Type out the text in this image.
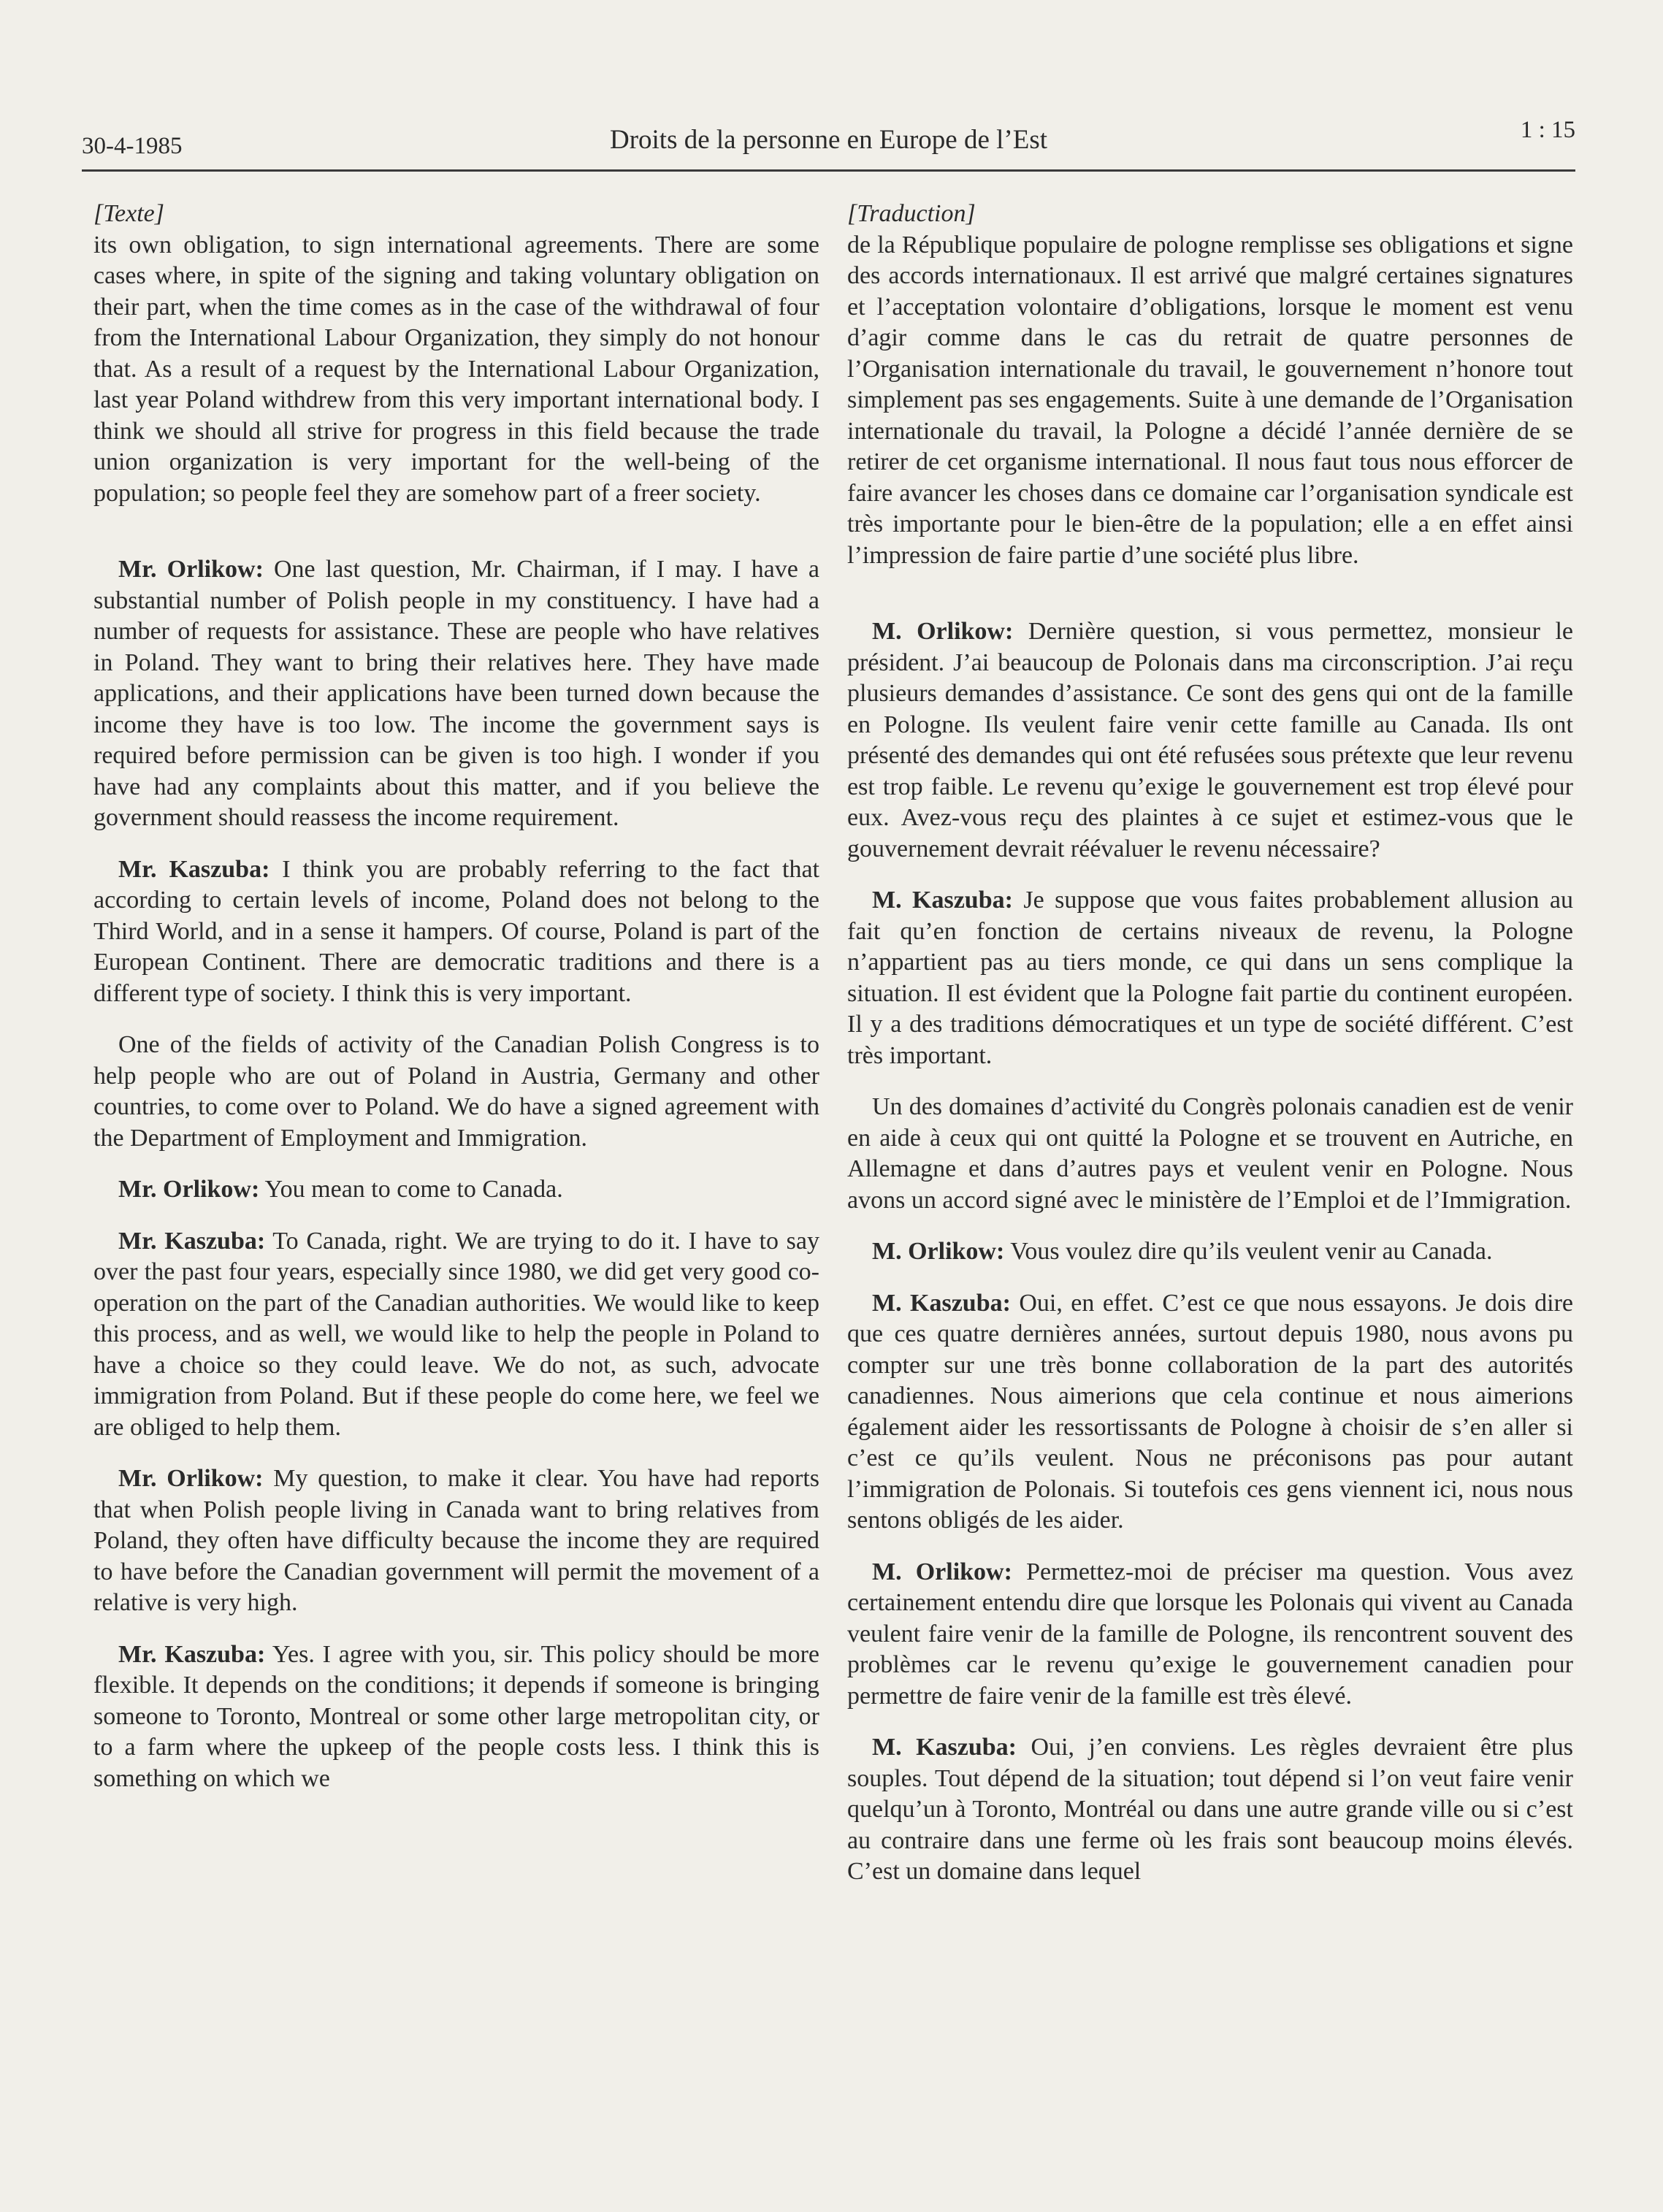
30-4-1985	Droits de la personne en Europe de l’Est	1 : 15

[Texte]

its own obligation, to sign international agreements. There are some cases where, in spite of the signing and taking voluntary obligation on their part, when the time comes as in the case of the withdrawal of four from the International Labour Organization, they simply do not honour that. As a result of a request by the International Labour Organization, last year Poland withdrew from this very important international body. I think we should all strive for progress in this field because the trade union organization is very important for the well-being of the population; so people feel they are somehow part of a freer society.

Mr. Orlikow: One last question, Mr. Chairman, if I may. I have a substantial number of Polish people in my constituency. I have had a number of requests for assistance. These are people who have relatives in Poland. They want to bring their relatives here. They have made applications, and their applications have been turned down because the income they have is too low. The income the government says is required before permission can be given is too high. I wonder if you have had any complaints about this matter, and if you believe the government should reassess the income requirement.

Mr. Kaszuba: I think you are probably referring to the fact that according to certain levels of income, Poland does not belong to the Third World, and in a sense it hampers. Of course, Poland is part of the European Continent. There are democratic traditions and there is a different type of society. I think this is very important.

One of the fields of activity of the Canadian Polish Congress is to help people who are out of Poland in Austria, Germany and other countries, to come over to Poland. We do have a signed agreement with the Department of Employment and Immigration.

Mr. Orlikow: You mean to come to Canada.

Mr. Kaszuba: To Canada, right. We are trying to do it. I have to say over the past four years, especially since 1980, we did get very good co-operation on the part of the Canadian authorities. We would like to keep this process, and as well, we would like to help the people in Poland to have a choice so they could leave. We do not, as such, advocate immigration from Poland. But if these people do come here, we feel we are obliged to help them.

Mr. Orlikow: My question, to make it clear. You have had reports that when Polish people living in Canada want to bring relatives from Poland, they often have difficulty because the income they are required to have before the Canadian government will permit the movement of a relative is very high.

Mr. Kaszuba: Yes. I agree with you, sir. This policy should be more flexible. It depends on the conditions; it depends if someone is bringing someone to Toronto, Montreal or some other large metropolitan city, or to a farm where the upkeep of the people costs less. I think this is something on which we

[Traduction]

de la République populaire de pologne remplisse ses obligations et signe des accords internationaux. Il est arrivé que malgré certaines signatures et l’acceptation volontaire d’obligations, lorsque le moment est venu d’agir comme dans le cas du retrait de quatre personnes de l’Organisation internationale du travail, le gouvernement n’honore tout simplement pas ses engagements. Suite à une demande de l’Organisation internationale du travail, la Pologne a décidé l’année dernière de se retirer de cet organisme international. Il nous faut tous nous efforcer de faire avancer les choses dans ce domaine car l’organisation syndicale est très importante pour le bien-être de la population; elle a en effet ainsi l’impression de faire partie d’une société plus libre.

M. Orlikow: Dernière question, si vous permettez, monsieur le président. J’ai beaucoup de Polonais dans ma circonscription. J’ai reçu plusieurs demandes d’assistance. Ce sont des gens qui ont de la famille en Pologne. Ils veulent faire venir cette famille au Canada. Ils ont présenté des demandes qui ont été refusées sous prétexte que leur revenu est trop faible. Le revenu qu’exige le gouvernement est trop élevé pour eux. Avez-vous reçu des plaintes à ce sujet et estimez-vous que le gouvernement devrait réévaluer le revenu nécessaire?

M. Kaszuba: Je suppose que vous faites probablement allusion au fait qu’en fonction de certains niveaux de revenu, la Pologne n’appartient pas au tiers monde, ce qui dans un sens complique la situation. Il est évident que la Pologne fait partie du continent européen. Il y a des traditions démocratiques et un type de société différent. C’est très important.

Un des domaines d’activité du Congrès polonais canadien est de venir en aide à ceux qui ont quitté la Pologne et se trouvent en Autriche, en Allemagne et dans d’autres pays et veulent venir en Pologne. Nous avons un accord signé avec le ministère de l’Emploi et de l’Immigration.

M. Orlikow: Vous voulez dire qu’ils veulent venir au Canada.

M. Kaszuba: Oui, en effet. C’est ce que nous essayons. Je dois dire que ces quatre dernières années, surtout depuis 1980, nous avons pu compter sur une très bonne collaboration de la part des autorités canadiennes. Nous aimerions que cela continue et nous aimerions également aider les ressortissants de Pologne à choisir de s’en aller si c’est ce qu’ils veulent. Nous ne préconisons pas pour autant l’immigration de Polonais. Si toutefois ces gens viennent ici, nous nous sentons obligés de les aider.

M. Orlikow: Permettez-moi de préciser ma question. Vous avez certainement entendu dire que lorsque les Polonais qui vivent au Canada veulent faire venir de la famille de Pologne, ils rencontrent souvent des problèmes car le revenu qu’exige le gouvernement canadien pour permettre de faire venir de la famille est très élevé.

M. Kaszuba: Oui, j’en conviens. Les règles devraient être plus souples. Tout dépend de la situation; tout dépend si l’on veut faire venir quelqu’un à Toronto, Montréal ou dans une autre grande ville ou si c’est au contraire dans une ferme où les frais sont beaucoup moins élevés. C’est un domaine dans lequel
